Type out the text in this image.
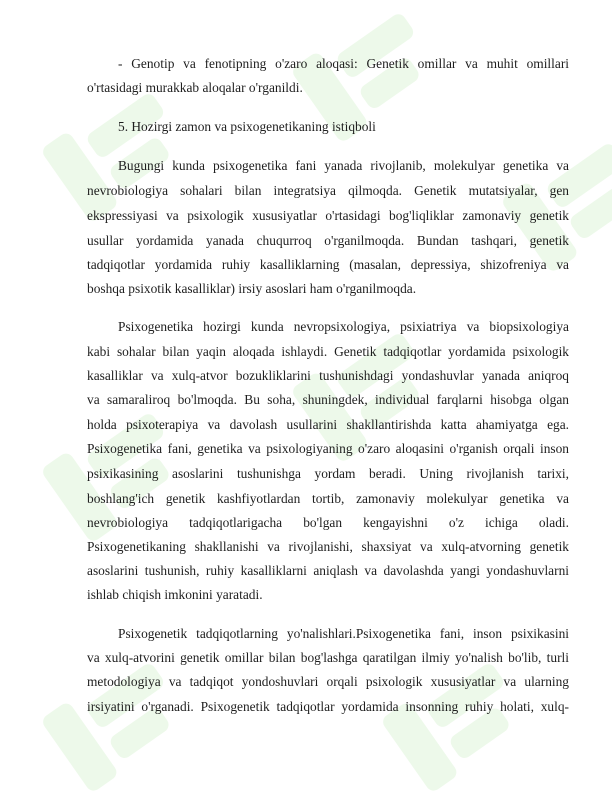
- Genotip va fenotipning o'zaro aloqasi: Genetik omillar va muhit omillari
o'rtasidagi murakkab aloqalar o'rganildi.
5. Hozirgi zamon va psixogenetikaning istiqboli
Bugungi kunda psixogenetika fani yanada rivojlanib, molekulyar genetika va
nevrobiologiya sohalari bilan integratsiya qilmoqda. Genetik mutatsiyalar, gen
ekspressiyasi va psixologik xususiyatlar o'rtasidagi bog'liqliklar zamonaviy genetik
usullar yordamida yanada chuqurroq o'rganilmoqda. Bundan tashqari, genetik
tadqiqotlar yordamida ruhiy kasalliklarning (masalan, depressiya, shizofreniya va
boshqa psixotik kasalliklar) irsiy asoslari ham o'rganilmoqda.
Psixogenetika hozirgi kunda nevropsixologiya, psixiatriya va biopsixologiya
kabi sohalar bilan yaqin aloqada ishlaydi. Genetik tadqiqotlar yordamida psixologik
kasalliklar va xulq-atvor bozukliklarini tushunishdagi yondashuvlar yanada aniqroq
va samaraliroq bo'lmoqda. Bu soha, shuningdek, individual farqlarni hisobga olgan
holda psixoterapiya va davolash usullarini shakllantirishda katta ahamiyatga ega.
Psixogenetika fani, genetika va psixologiyaning o'zaro aloqasini o'rganish orqali inson
psixikasining asoslarini tushunishga yordam beradi. Uning rivojlanish tarixi,
boshlang'ich genetik kashfiyotlardan tortib, zamonaviy molekulyar genetika va
nevrobiologiya tadqiqotlarigacha bo'lgan kengayishni o'z ichiga oladi.
Psixogenetikaning shakllanishi va rivojlanishi, shaxsiyat va xulq-atvorning genetik
asoslarini tushunish, ruhiy kasalliklarni aniqlash va davolashda yangi yondashuvlarni
ishlab chiqish imkonini yaratadi.
Psixogenetik tadqiqotlarning yo'nalishlari.Psixogenetika fani, inson psixikasini
va xulq-atvorini genetik omillar bilan bog'lashga qaratilgan ilmiy yo'nalish bo'lib, turli
metodologiya va tadqiqot yondoshuvlari orqali psixologik xususiyatlar va ularning
irsiyatini o'rganadi. Psixogenetik tadqiqotlar yordamida insonning ruhiy holati, xulq-
